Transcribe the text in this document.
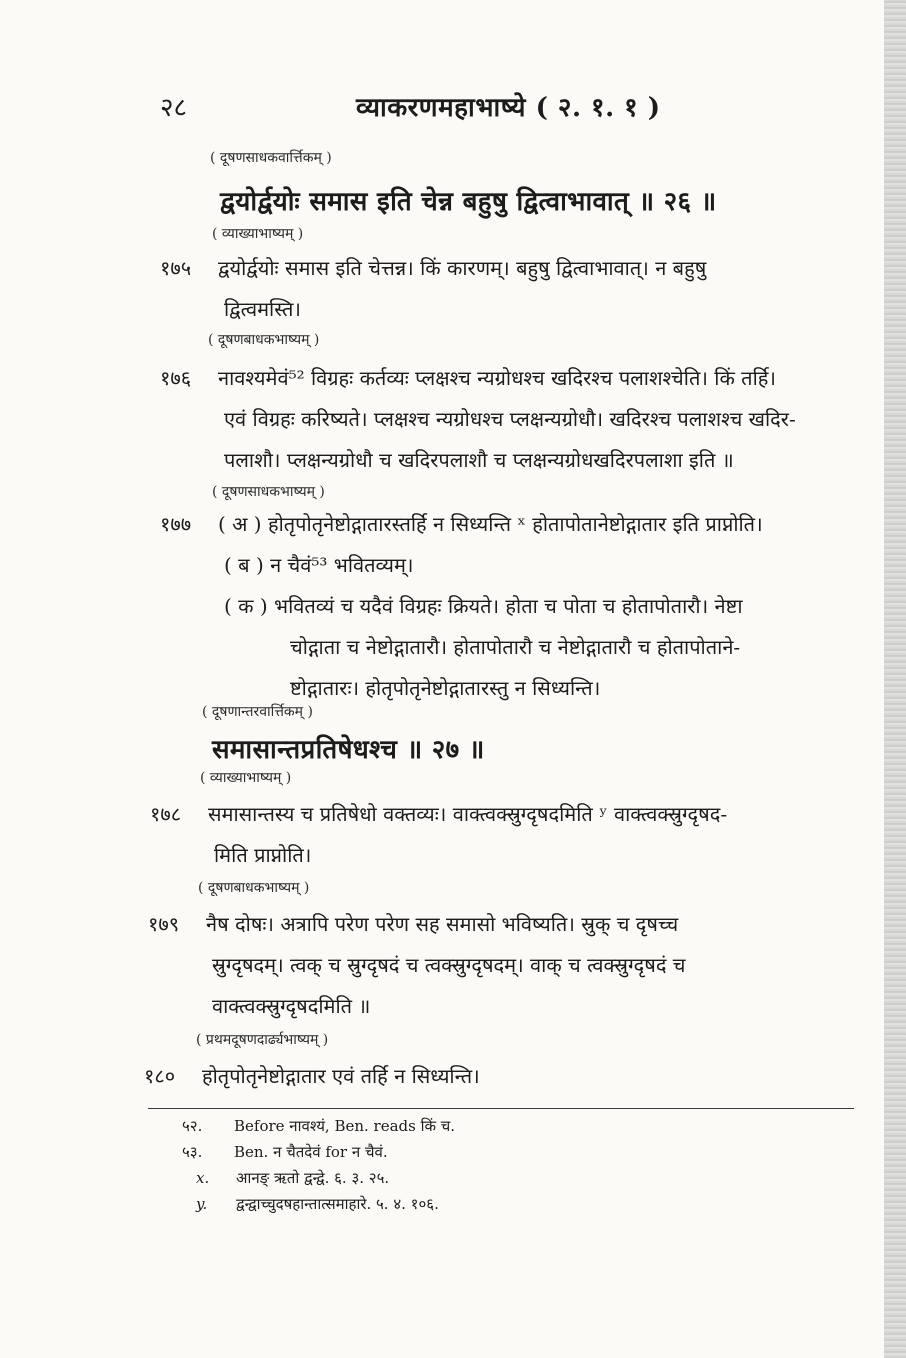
२८	व्याकरणमहाभाष्ये ( २. १. १ )
( दूषणसाधकवार्त्तिकम् )
द्वयोर्द्वयोः समास इति चेन्न बहुषु द्वित्वाभावात् ॥ २६ ॥
( व्याख्याभाष्यम् )
१७५ द्वयोर्द्वयोः समास इति चेत्तन्न। किं कारणम्। बहुषु द्वित्वाभावात्। न बहुषु
द्वित्वमस्ति।
( दूषणबाधकभाष्यम् )
१७६ नावश्यमेवं⁵² विग्रहः कर्तव्यः प्लक्षश्च न्यग्रोधश्च खदिरश्च पलाशश्चेति। किं तर्हि।
एवं विग्रहः करिष्यते। प्लक्षश्च न्यग्रोधश्च प्लक्षन्यग्रोधौ। खदिरश्च पलाशश्च खदिर-
पलाशौ। प्लक्षन्यग्रोधौ च खदिरपलाशौ च प्लक्षन्यग्रोधखदिरपलाशा इति ॥
( दूषणसाधकभाष्यम् )
१७७ ( अ ) होतृपोतृनेष्टोद्गातारस्तर्हि न सिध्यन्ति ˣ होतापोतानेष्टोद्गातार इति प्राप्नोति।
( ब ) न चैवं⁵³ भवितव्यम्।
( क ) भवितव्यं च यदैवं विग्रहः क्रियते। होता च पोता च होतापोतारौ। नेष्टा
चोद्गाता च नेष्टोद्गातारौ। होतापोतारौ च नेष्टोद्गातारौ च होतापोताने-
ष्टोद्गातारः। होतृपोतृनेष्टोद्गातारस्तु न सिध्यन्ति।
( दूषणान्तरवार्त्तिकम् )
समासान्तप्रतिषेधश्च ॥ २७ ॥
( व्याख्याभाष्यम् )
१७८ समासान्तस्य च प्रतिषेधो वक्तव्यः। वाक्त्वक्स्रुग्दृषदमिति ʸ वाक्त्वक्स्रुग्दृषद-
मिति प्राप्नोति।
( दूषणबाधकभाष्यम् )
१७९ नैष दोषः। अत्रापि परेण परेण सह समासो भविष्यति। स्रुक् च दृषच्च
स्रुग्दृषदम्। त्वक् च स्रुग्दृषदं च त्वक्स्रुग्दृषदम्। वाक् च त्वक्स्रुग्दृषदं च
वाक्त्वक्स्रुग्दृषदमिति ॥
( प्रथमदूषणदार्ढ्यभाष्यम् )
१८० होतृपोतृनेष्टोद्गातार एवं तर्हि न सिध्यन्ति।
५२. Before नावश्यं, Ben. reads किं च.
५३. Ben. न चैतदेवं for न चैवं.
x. आनङ् ऋतो द्वन्द्वे. ६. ३. २५.
y. द्वन्द्वाच्चुदषहान्तात्समाहारे. ५. ४. १०६.
